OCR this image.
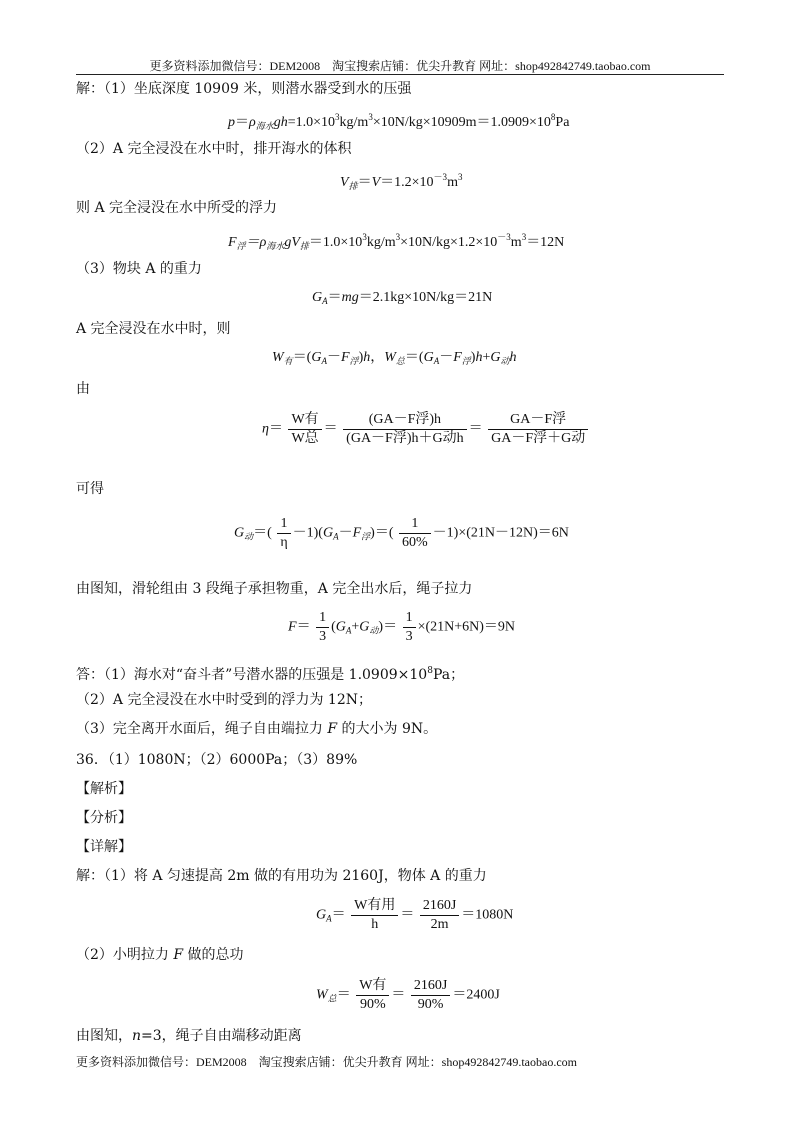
更多资料添加微信号：DEM2008　淘宝搜索店铺：优尖升教育 网址：shop492842749.taobao.com
解：（1）坐底深度 10909 米，则潜水器受到水的压强
$p=\rho_{海水}gh=1.0\times 10^3kg/m^3\times 10N/kg\times 10909m=1.0909\times 10^8Pa$
（2）A 完全浸没在水中时，排开海水的体积
$V_排=V=1.2\times 10^{-3}m^3$
则 A 完全浸没在水中所受的浮力
$F_浮=\rho_{海水}gV_排=1.0\times 10^3kg/m^3\times 10N/kg\times 1.2\times 10^{-3}m^3=12N$
（3）物块 A 的重力
$G_A=mg=2.1kg\times 10N/kg=21N$
A 完全浸没在水中时，则
$W_有=(G_A-F_浮)h$，$W_总=(G_A-F_浮)h+G_动h$
由
$\eta= \frac{\text{W有}}{\text{W总}} = \frac{\text{(GA－F浮)h}}{\text{(GA－F浮)h＋G动h}} = \frac{\text{GA－F浮}}{\text{GA－F浮＋G动}}$
可得
$G_动=( \frac{1}{\eta} -1)(G_A-F_浮)=( \frac{1}{60\%} -1)\times(21N-12N)=6N$
由图知，滑轮组由 3 段绳子承担物重，A 完全出水后，绳子拉力
$F= \frac{1}{3} (G_A+G_动)= \frac{1}{3} \times(21N+6N)=9N$
答：（1）海水对“奋斗者”号潜水器的压强是 $1.0909\times 10^8Pa$；
（2）A 完全浸没在水中时受到的浮力为 12N；
（3）完全离开水面后，绳子自由端拉力 F 的大小为 9N。
36．（1）1080N；（2）6000Pa；（3）89%
【解析】
【分析】
【详解】
解：（1）将 A 匀速提高 2m 做的有用功为 2160J，物体 A 的重力
$G_A= \frac{\text{W有用}}{h} = \frac{2160J}{2m} =1080N$
（2）小明拉力 F 做的总功
$W_总= \frac{\text{W有}}{90\%} = \frac{2160J}{90\%} =2400J$
由图知，n=3，绳子自由端移动距离
更多资料添加微信号：DEM2008　淘宝搜索店铺：优尖升教育 网址：shop492842749.taobao.com
